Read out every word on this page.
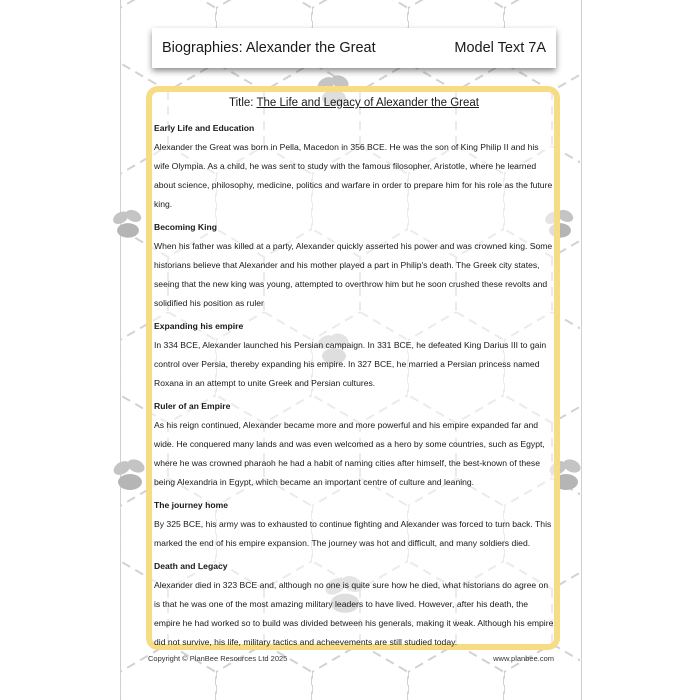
Biographies: Alexander the Great	Model Text 7A
Title: The Life and Legacy of Alexander the Great

Early Life and Education

Alexander the Great was born in Pella, Macedon in 356 BCE. He was the son of King Philip II and his wife Olympia. As a child, he was sent to study with the famous filosopher, Aristotle, where he learned about science, philosophy, medicine, politics and warfare in order to prepare him for his role as the future king.

Becoming King

When his father was killed at a party, Alexander quickly asserted his power and was crowned king. Some historians believe that Alexander and his mother played a part in Philip's death. The Greek city states, seeing that the new king was young, attempted to overthrow him but he soon crushed these revolts and solidified his position as ruler

Expanding his empire

In 334 BCE, Alexander launched his Persian campaign. In 331 BCE, he defeated King Darius III to gain control over Persia, thereby expanding his empire. In 327 BCE, he married a Persian princess named Roxana in an attempt to unite Greek and Persian cultures.

Ruler of an Empire

As his reign continued, Alexander became more and more powerful and his empire expanded far and wide. He conquered many lands and was even welcomed as a hero by some countries, such as Egypt, where he was crowned pharaoh he had a habit of naming cities after himself, the best-known of these being Alexandria in Egypt, which became an important centre of culture and leaning.

The journey home

By 325 BCE, his army was to exhausted to continue fighting and Alexander was forced to turn back. This marked the end of his empire expansion. The journey was hot and difficult, and many soldiers died.

Death and Legacy

Alexander died in 323 BCE and, although no one is quite sure how he died, what historians do agree on is that he was one of the most amazing military leaders to have lived. However, after his death, the empire he had worked so to build was divided between his generals, making it weak. Although his empire did not survive, his life, military tactics and acheevements are still studied today.

Copyright © PlanBee Resources Ltd 2025	www.planbee.com
